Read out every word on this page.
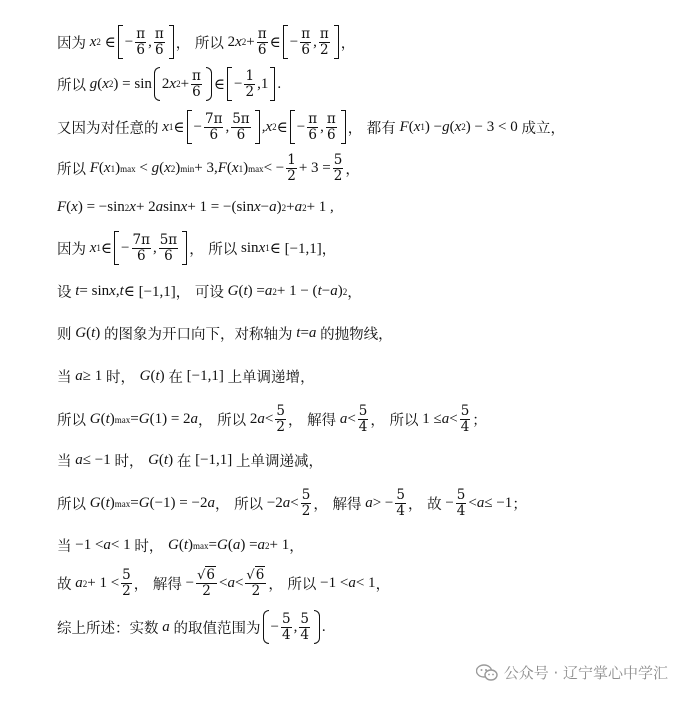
因为
x 2 ∈ − $\frac{\pi}{6}$ , $\frac{\pi}{6}$ ， 所以 2 x $2 + \frac{\pi}{6}$ ∈ − $\frac{\pi}{6}$ , $\frac{\pi}{2}$ ，
所以
g ( x 2 ) = sin 2 x $2 + \frac{\pi}{6}$ ∈ − $\frac{1}{2} ,1$ .
又因为对任意的
x 1 ∈ − $\frac{7\pi}{6}$ , $\frac{5\pi}{6}$ , x 2 ∈ − $\frac{\pi}{6}$ , $\frac{\pi}{6}$ ， 都有
F ( x 1 ) − g ( x 2 ) − 3 < 0 成立 ，
所以
F ( x 1 ) max < g ( x 2 ) min + 3, F ( x 1 ) max < − $\frac{1}{2} + 3 = \frac{5}{2}$ ，
F ( x ) = −sin 2 x + 2 a sin x + 1 = −(sin x − a ) 2 + a 2 + 1 ,
因为
x 1 ∈ − $\frac{7\pi}{6}$ , $\frac{5\pi}{6}$ ， 所以 sin x 1 ∈ [−1,1] ，
设
t = sin x , t ∈ [−1,1] ， 可设
G ( t ) = a 2 + 1 − ( t − a ) 2 ，
则
G ( t ) 的图象为开口向下，对称轴为
t = a
的抛物线 ，
当
a ≥ 1 时 ， G ( t ) 在 [−1,1] 上单调递增 ，
所以
G ( t ) max = G (1) = 2 a ， 所以 2 $a < \frac{5}{2}$ ， 解得
$a < \frac{5}{4}$ ， 所以 $1 \le a < \frac{5}{4}$ ；
当
a ≤ −1 时 ， G ( t ) 在 [−1,1] 上单调递减 ，
所以
G ( t ) max = G (−1) = −2 a ， 所以 −2 $a < \frac{5}{2}$ ， 解得
a > − $\frac{5}{4}$ ， 故 − $\frac{5}{4} < a \le -1$ ；
当 −1 < a < 1 时 ， G ( t ) max = G ( a ) = a 2 + 1 ，
故
a $2 + 1 < \frac{5}{2}$ ， 解得 − $\frac{√6}{2} < a < \frac{√6}{2}$ ， 所以 −1 < a < 1 ，
综上所述：实数
a
的取值范围为 − $\frac{5}{4}$ , $\frac{5}{4}$ .
公众号 · 辽宁掌心中学汇
